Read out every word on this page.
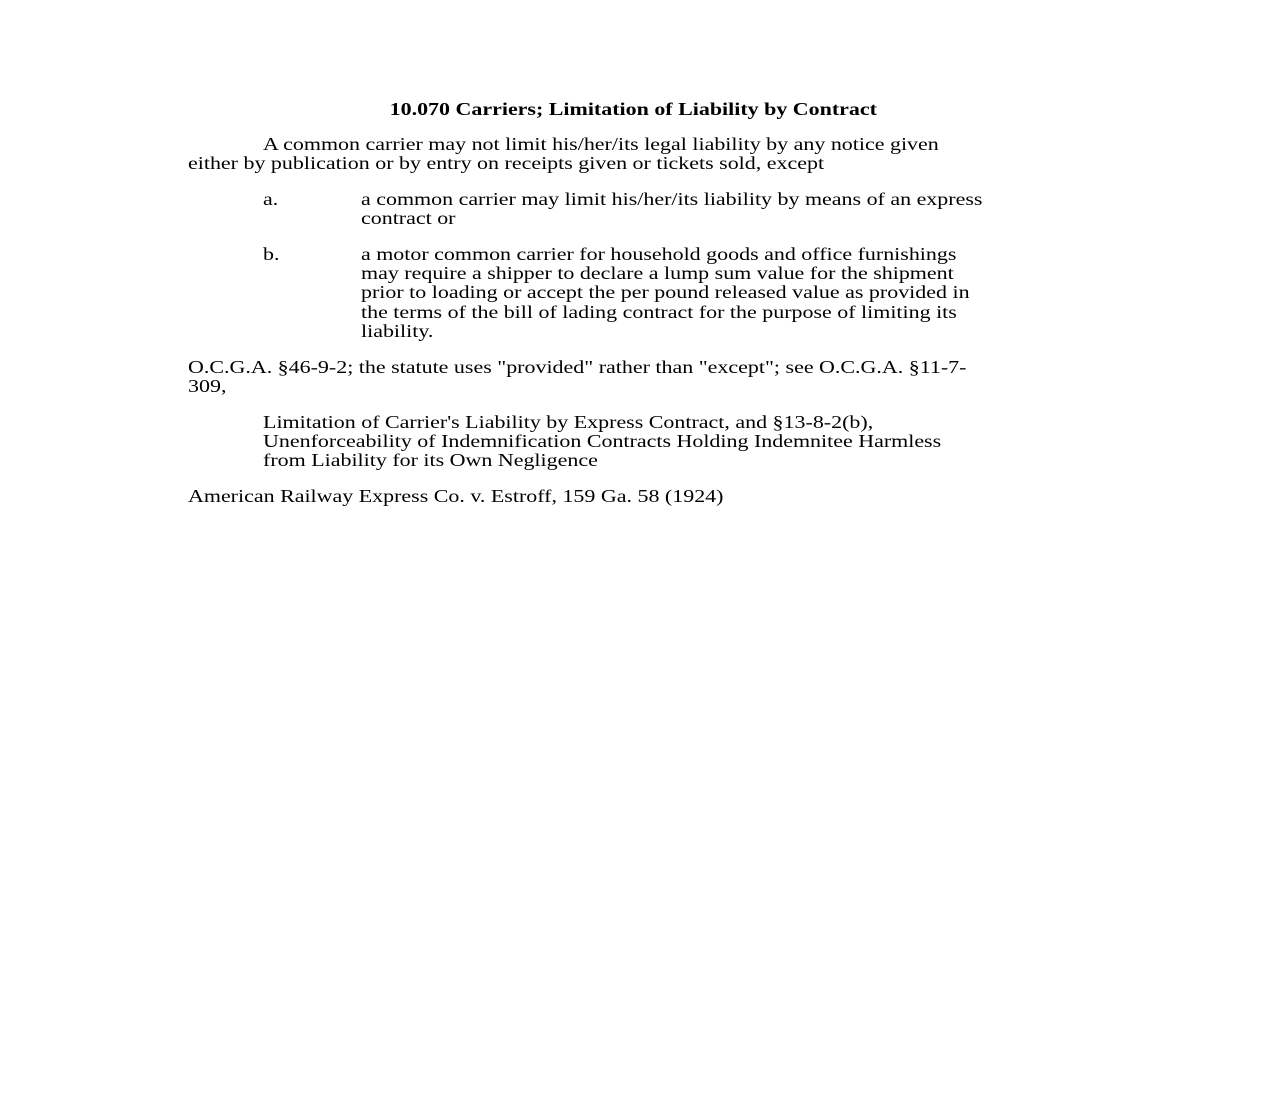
10.070 Carriers; Limitation of Liability by Contract
A common carrier may not limit his/her/its legal liability by any notice given
either by publication or by entry on receipts given or tickets sold, except
a.	a common carrier may limit his/her/its liability by means of an express
contract or
b.	a motor common carrier for household goods and office furnishings
may require a shipper to declare a lump sum value for the shipment
prior to loading or accept the per pound released value as provided in
the terms of the bill of lading contract for the purpose of limiting its
liability.
O.C.G.A. §46-9-2; the statute uses "provided" rather than "except"; see O.C.G.A. §11-7-
309,
Limitation of Carrier's Liability by Express Contract, and §13-8-2(b),
Unenforceability of Indemnification Contracts Holding Indemnitee Harmless
from Liability for its Own Negligence
American Railway Express Co. v. Estroff, 159 Ga. 58 (1924)
